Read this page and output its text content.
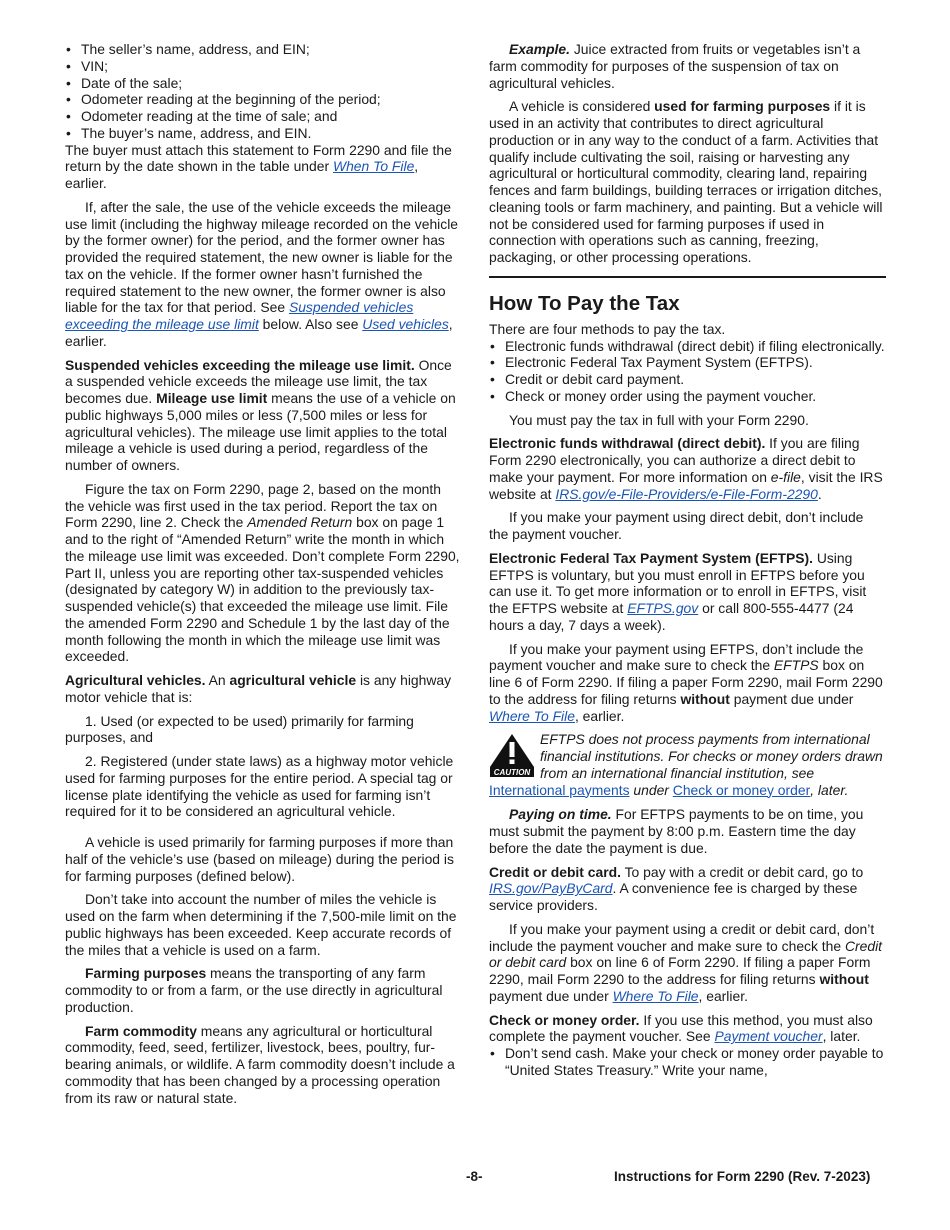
• The seller’s name, address, and EIN;
• VIN;
• Date of the sale;
• Odometer reading at the beginning of the period;
• Odometer reading at the time of sale; and
• The buyer’s name, address, and EIN.

The buyer must attach this statement to Form 2290 and file the return by the date shown in the table under When To File, earlier.

If, after the sale, the use of the vehicle exceeds the mileage use limit (including the highway mileage recorded on the vehicle by the former owner) for the period, and the former owner has provided the required statement, the new owner is liable for the tax on the vehicle. If the former owner hasn’t furnished the required statement to the new owner, the former owner is also liable for the tax for that period. See Suspended vehicles exceeding the mileage use limit below. Also see Used vehicles, earlier.

Suspended vehicles exceeding the mileage use limit. Once a suspended vehicle exceeds the mileage use limit, the tax becomes due. Mileage use limit means the use of a vehicle on public highways 5,000 miles or less (7,500 miles or less for agricultural vehicles). The mileage use limit applies to the total mileage a vehicle is used during a period, regardless of the number of owners.

Figure the tax on Form 2290, page 2, based on the month the vehicle was first used in the tax period. Report the tax on Form 2290, line 2. Check the Amended Return box on page 1 and to the right of “Amended Return” write the month in which the mileage use limit was exceeded. Don’t complete Form 2290, Part II, unless you are reporting other tax-suspended vehicles (designated by category W) in addition to the previously tax-suspended vehicle(s) that exceeded the mileage use limit. File the amended Form 2290 and Schedule 1 by the last day of the month following the month in which the mileage use limit was exceeded.

Agricultural vehicles. An agricultural vehicle is any highway motor vehicle that is:

1. Used (or expected to be used) primarily for farming purposes, and

2. Registered (under state laws) as a highway motor vehicle used for farming purposes for the entire period. A special tag or license plate identifying the vehicle as used for farming isn’t required for it to be considered an agricultural vehicle.

A vehicle is used primarily for farming purposes if more than half of the vehicle’s use (based on mileage) during the period is for farming purposes (defined below).

Don’t take into account the number of miles the vehicle is used on the farm when determining if the 7,500-mile limit on the public highways has been exceeded. Keep accurate records of the miles that a vehicle is used on a farm.

Farming purposes means the transporting of any farm commodity to or from a farm, or the use directly in agricultural production.

Farm commodity means any agricultural or horticultural commodity, feed, seed, fertilizer, livestock, bees, poultry, fur-bearing animals, or wildlife. A farm commodity doesn’t include a commodity that has been changed by a processing operation from its raw or natural state.

Example. Juice extracted from fruits or vegetables isn’t a farm commodity for purposes of the suspension of tax on agricultural vehicles.

A vehicle is considered used for farming purposes if it is used in an activity that contributes to direct agricultural production or in any way to the conduct of a farm. Activities that qualify include cultivating the soil, raising or harvesting any agricultural or horticultural commodity, clearing land, repairing fences and farm buildings, building terraces or irrigation ditches, cleaning tools or farm machinery, and painting. But a vehicle will not be considered used for farming purposes if used in connection with operations such as canning, freezing, packaging, or other processing operations.

How To Pay the Tax

There are four methods to pay the tax.

• Electronic funds withdrawal (direct debit) if filing electronically.
• Electronic Federal Tax Payment System (EFTPS).
• Credit or debit card payment.
• Check or money order using the payment voucher.

You must pay the tax in full with your Form 2290.

Electronic funds withdrawal (direct debit). If you are filing Form 2290 electronically, you can authorize a direct debit to make your payment. For more information on e-file, visit the IRS website at IRS.gov/e-File-Providers/e-File-Form-2290.

If you make your payment using direct debit, don’t include the payment voucher.

Electronic Federal Tax Payment System (EFTPS). Using EFTPS is voluntary, but you must enroll in EFTPS before you can use it. To get more information or to enroll in EFTPS, visit the EFTPS website at EFTPS.gov or call 800-555-4477 (24 hours a day, 7 days a week).

If you make your payment using EFTPS, don’t include the payment voucher and make sure to check the EFTPS box on line 6 of Form 2290. If filing a paper Form 2290, mail Form 2290 to the address for filing returns without payment due under Where To File, earlier.

CAUTION
EFTPS does not process payments from international financial institutions. For checks or money orders drawn from an international financial institution, see International payments under Check or money order, later.

Paying on time. For EFTPS payments to be on time, you must submit the payment by 8:00 p.m. Eastern time the day before the date the payment is due.

Credit or debit card. To pay with a credit or debit card, go to IRS.gov/PayByCard. A convenience fee is charged by these service providers.

If you make your payment using a credit or debit card, don’t include the payment voucher and make sure to check the Credit or debit card box on line 6 of Form 2290. If filing a paper Form 2290, mail Form 2290 to the address for filing returns without payment due under Where To File, earlier.

Check or money order. If you use this method, you must also complete the payment voucher. See Payment voucher, later.

• Don’t send cash. Make your check or money order payable to “United States Treasury.” Write your name,

-8-	Instructions for Form 2290 (Rev. 7-2023)
